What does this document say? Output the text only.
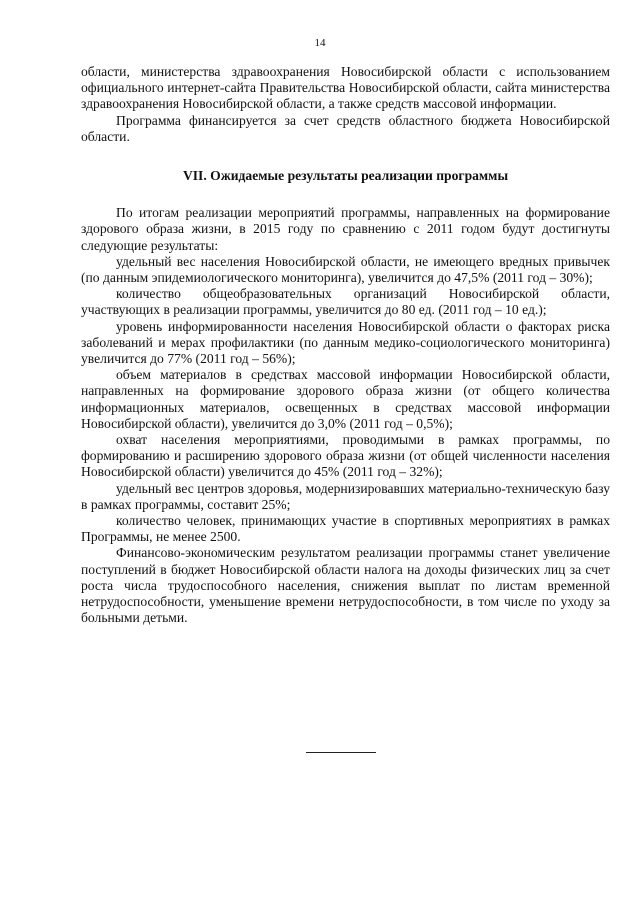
14

области, министерства здравоохранения Новосибирской области с использованием официального интернет-сайта Правительства Новосибирской области, сайта министерства здравоохранения Новосибирской области, а также средств массовой информации.

Программа финансируется за счет средств областного бюджета Новосибирской области.

VII. Ожидаемые результаты реализации программы

По итогам реализации мероприятий программы, направленных на формирование здорового образа жизни, в 2015 году по сравнению с 2011 годом будут достигнуты следующие результаты:

удельный вес населения Новосибирской области, не имеющего вредных привычек (по данным эпидемиологического мониторинга), увеличится до 47,5% (2011 год – 30%);

количество общеобразовательных организаций Новосибирской области, участвующих в реализации программы, увеличится до 80 ед. (2011 год – 10 ед.);

уровень информированности населения Новосибирской области о факторах риска заболеваний и мерах профилактики (по данным медико-социологического мониторинга) увеличится до 77% (2011 год – 56%);

объем материалов в средствах массовой информации Новосибирской области, направленных на формирование здорового образа жизни (от общего количества информационных материалов, освещенных в средствах массовой информации Новосибирской области), увеличится до 3,0% (2011 год – 0,5%);

охват населения мероприятиями, проводимыми в рамках программы, по формированию и расширению здорового образа жизни (от общей численности населения Новосибирской области) увеличится до 45% (2011 год – 32%);

удельный вес центров здоровья, модернизировавших материально-техническую базу в рамках программы, составит 25%;

количество человек, принимающих участие в спортивных мероприятиях в рамках Программы, не менее 2500.

Финансово-экономическим результатом реализации программы станет увеличение поступлений в бюджет Новосибирской области налога на доходы физических лиц за счет роста числа трудоспособного населения, снижения выплат по листам временной нетрудоспособности, уменьшение времени нетрудоспособности, в том числе по уходу за больными детьми.
